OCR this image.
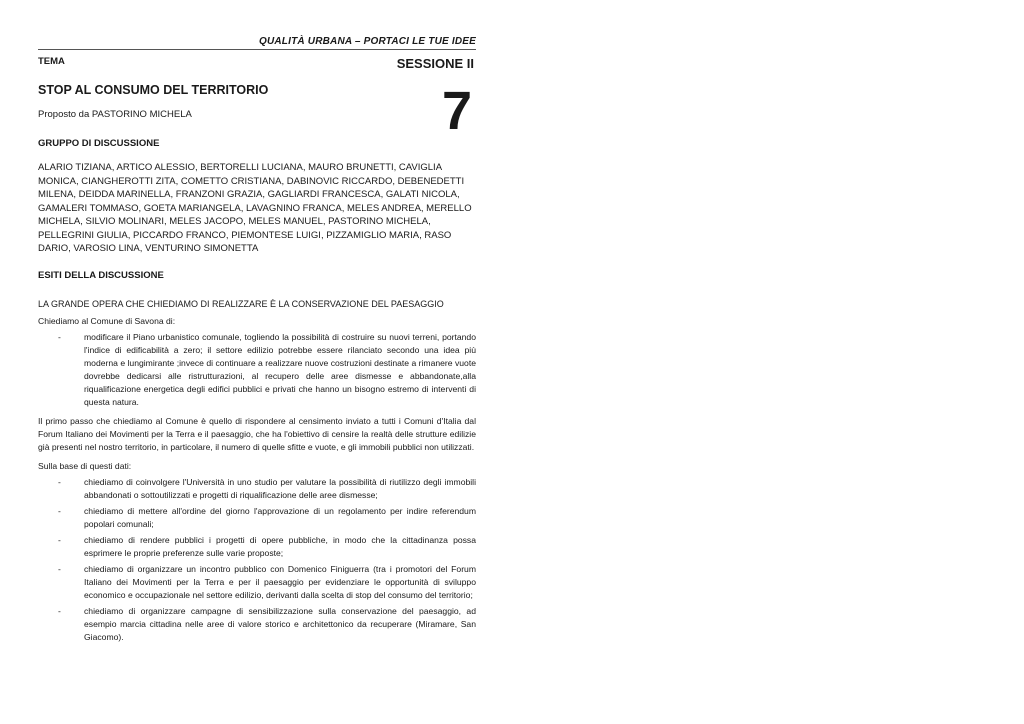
QUALITÀ URBANA – PORTACI LE TUE IDEE
TEMA	SESSIONE II
7
STOP AL CONSUMO DEL TERRITORIO
Proposto da PASTORINO MICHELA
GRUPPO DI DISCUSSIONE
ALARIO TIZIANA, ARTICO ALESSIO, BERTORELLI LUCIANA, MAURO BRUNETTI, CAVIGLIA MONICA, CIANGHEROTTI ZITA, COMETTO CRISTIANA, DABINOVIC RICCARDO, DEBENEDETTI MILENA, DEIDDA MARINELLA, FRANZONI GRAZIA, GAGLIARDI FRANCESCA, GALATI NICOLA, GAMALERI TOMMASO, GOETA MARIANGELA, LAVAGNINO FRANCA, MELES ANDREA, MERELLO MICHELA, SILVIO MOLINARI, MELES JACOPO, MELES MANUEL, PASTORINO MICHELA, PELLEGRINI GIULIA, PICCARDO FRANCO, PIEMONTESE LUIGI, PIZZAMIGLIO MARIA, RASO DARIO, VAROSIO LINA, VENTURINO SIMONETTA
ESITI DELLA DISCUSSIONE
LA GRANDE OPERA CHE CHIEDIAMO DI REALIZZARE È LA CONSERVAZIONE DEL PAESAGGIO
Chiediamo al Comune di Savona di:
-	modificare il Piano urbanistico comunale, togliendo la possibilità di costruire su nuovi terreni, portando l'indice di edificabilità a zero; il settore edilizio potrebbe essere rilanciato secondo una idea più moderna e lungimirante ;invece di continuare a realizzare nuove costruzioni destinate a rimanere vuote dovrebbe dedicarsi alle ristrutturazioni, al recupero delle aree dismesse e abbandonate,alla riqualificazione energetica degli edifici pubblici e privati che hanno un bisogno estremo di interventi di questa natura.
Il primo passo che chiediamo al Comune è quello di rispondere al censimento inviato a tutti i Comuni d'Italia dal Forum Italiano dei Movimenti per la Terra e il paesaggio, che ha l'obiettivo di censire la realtà delle strutture edilizie già presenti nel nostro territorio, in particolare, il numero di quelle sfitte e vuote, e gli immobili pubblici non utilizzati.
Sulla base di questi dati:
-	chiediamo di coinvolgere l'Università in uno studio per valutare la possibilità di riutilizzo degli immobili abbandonati o sottoutilizzati e progetti di riqualificazione delle aree dismesse;
-	chiediamo di mettere all'ordine del giorno l'approvazione di un regolamento per indire referendum popolari comunali;
-	chiediamo di rendere pubblici i progetti di opere pubbliche, in modo che la cittadinanza possa esprimere le proprie preferenze sulle varie proposte;
-	chiediamo di organizzare un incontro pubblico con Domenico Finiguerra (tra i promotori del Forum Italiano dei Movimenti per la Terra e per il paesaggio per evidenziare le opportunità di sviluppo economico e occupazionale nel settore edilizio, derivanti dalla scelta di stop del consumo del territorio;
-	chiediamo di organizzare campagne di sensibilizzazione sulla conservazione del paesaggio, ad esempio marcia cittadina nelle aree di valore storico e architettonico da recuperare (Miramare, San Giacomo).
